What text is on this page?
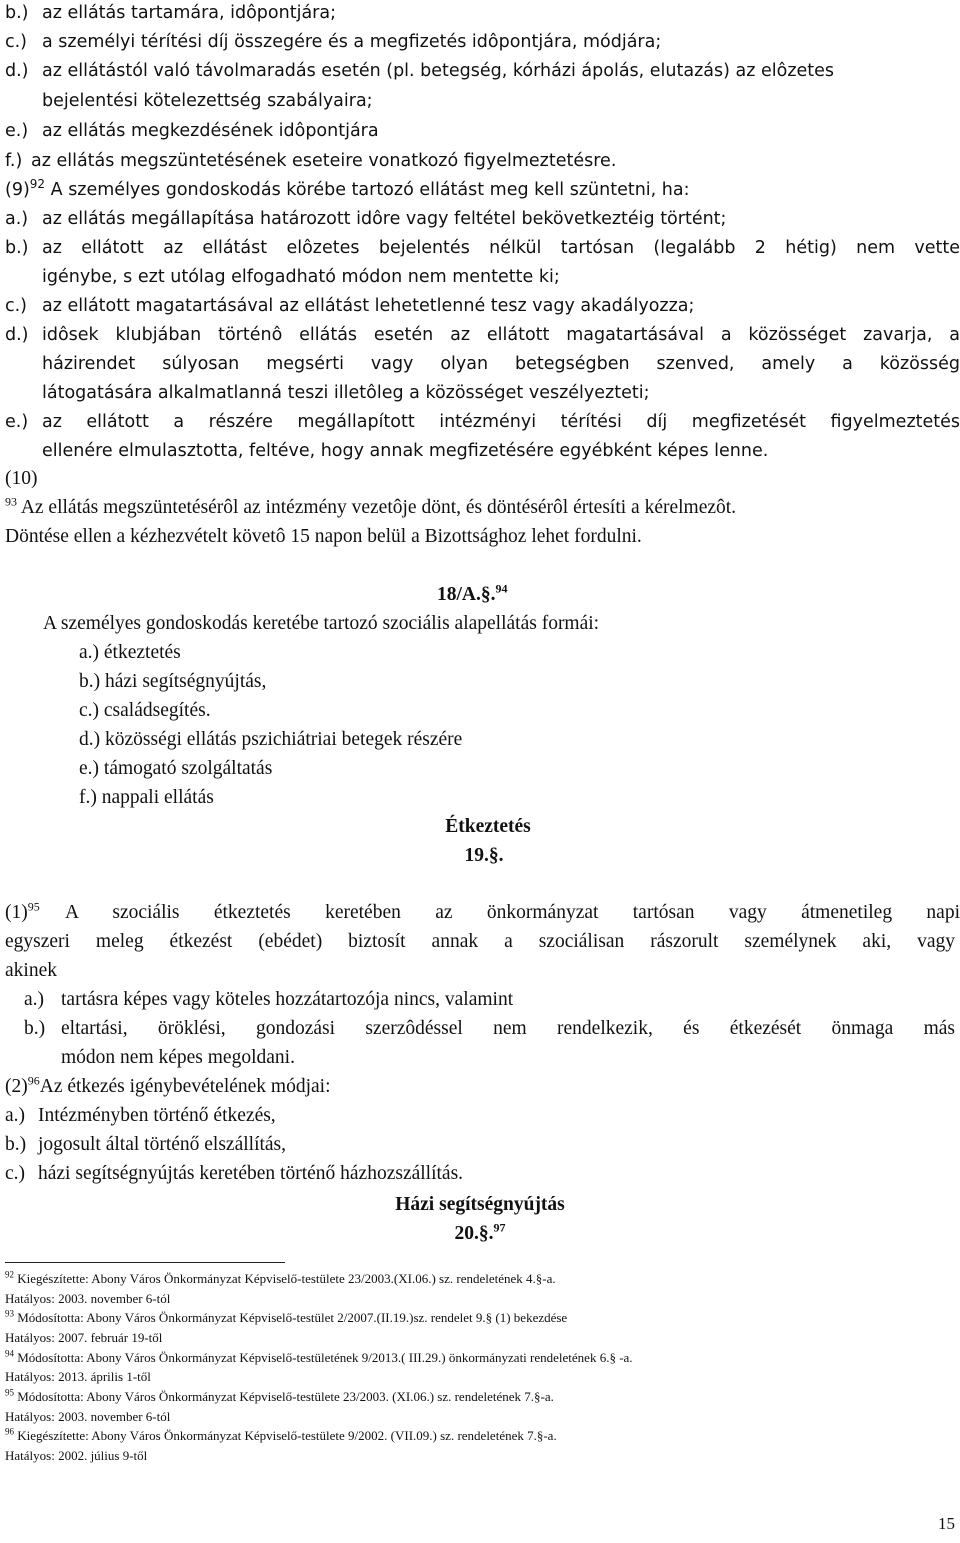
b.) az ellátás tartamára, idôpontjára;
c.) a személyi térítési díj összegére és a megfizetés idôpontjára, módjára;
d.) az ellátástól való távolmaradás esetén (pl. betegség, kórházi ápolás, elutazás) az elôzetes
bejelentési kötelezettség szabályaira;
e.) az ellátás megkezdésének idôpontjára
f.) az ellátás megszüntetésének eseteire vonatkozó figyelmeztetésre.
$(9)^{92}$ A személyes gondoskodás körébe tartozó ellátást meg kell szüntetni, ha:
a.) az ellátás megállapítása határozott idôre vagy feltétel bekövetkeztéig történt;
b.) az ellátott az ellátást elôzetes bejelentés nélkül tartósan (legalább 2 hétig) nem vette
igénybe, s ezt utólag elfogadható módon nem mentette ki;
c.) az ellátott magatartásával az ellátást lehetetlenné tesz vagy akadályozza;
d.) idôsek klubjában történô ellátás esetén az ellátott magatartásával a közösséget zavarja, a
házirendet súlyosan megsérti vagy olyan betegségben szenved, amely a közösség
látogatására alkalmatlanná teszi illetôleg a közösséget veszélyezteti;
e.) az ellátott a részére megállapított intézményi térítési díj megfizetését figyelmeztetés
ellenére elmulasztotta, feltéve, hogy annak megfizetésére egyébként képes lenne.
(10)
$^{93}$ Az ellátás megszüntetésérôl az intézmény vezetôje dönt, és döntésérôl értesíti a kérelmezôt.
Döntése ellen a kézhezvételt követô 15 napon belül a Bizottsághoz lehet fordulni.
18/A.§.$^{94}$
A személyes gondoskodás keretébe tartozó szociális alapellátás formái:
a.) étkeztetés
b.) házi segítségnyújtás,
c.) családsegítés.
d.) közösségi ellátás pszichiátriai betegek részére
e.) támogató szolgáltatás
f.) nappali ellátás
Étkeztetés
19.§.
$(1)^{95}$ A szociális étkeztetés keretében az önkormányzat tartósan vagy átmenetileg napi
egyszeri meleg étkezést (ebédet) biztosít annak a szociálisan rászorult személynek aki, vagy
akinek
a.) tartásra képes vagy köteles hozzátartozója nincs, valamint
b.) eltartási, öröklési, gondozási szerzôdéssel nem rendelkezik, és étkezését önmaga más
módon nem képes megoldani.
$(2)^{96}Az$ étkezés igénybevételének módjai:
a.) Intézményben történő étkezés,
b.) jogosult által történő elszállítás,
c.) házi segítségnyújtás keretében történő házhozszállítás.
Házi segítségnyújtás
20.§.$^{97}$
$^{92}$ Kiegészítette: Abony Város Önkormányzat Képviselő-testülete 23/2003.(XI.06.) sz. rendeletének 4.§-a.
Hatályos: 2003. november 6-tól
$^{93}$ Módosította: Abony Város Önkormányzat Képviselő-testület 2/2007.(II.19.)sz. rendelet 9.§ (1) bekezdése
Hatályos: 2007. február 19-től
$^{94}$ Módosította: Abony Város Önkormányzat Képviselő-testületének 9/2013.( III.29.) önkormányzati rendeletének 6.§ -a.
Hatályos: 2013. április 1-től
$^{95}$ Módosította: Abony Város Önkormányzat Képviselő-testülete 23/2003. (XI.06.) sz. rendeletének 7.§-a.
Hatályos: 2003. november 6-tól
$^{96}$ Kiegészítette: Abony Város Önkormányzat Képviselő-testülete 9/2002. (VII.09.) sz. rendeletének 7.§-a.
Hatályos: 2002. július 9-től
15
